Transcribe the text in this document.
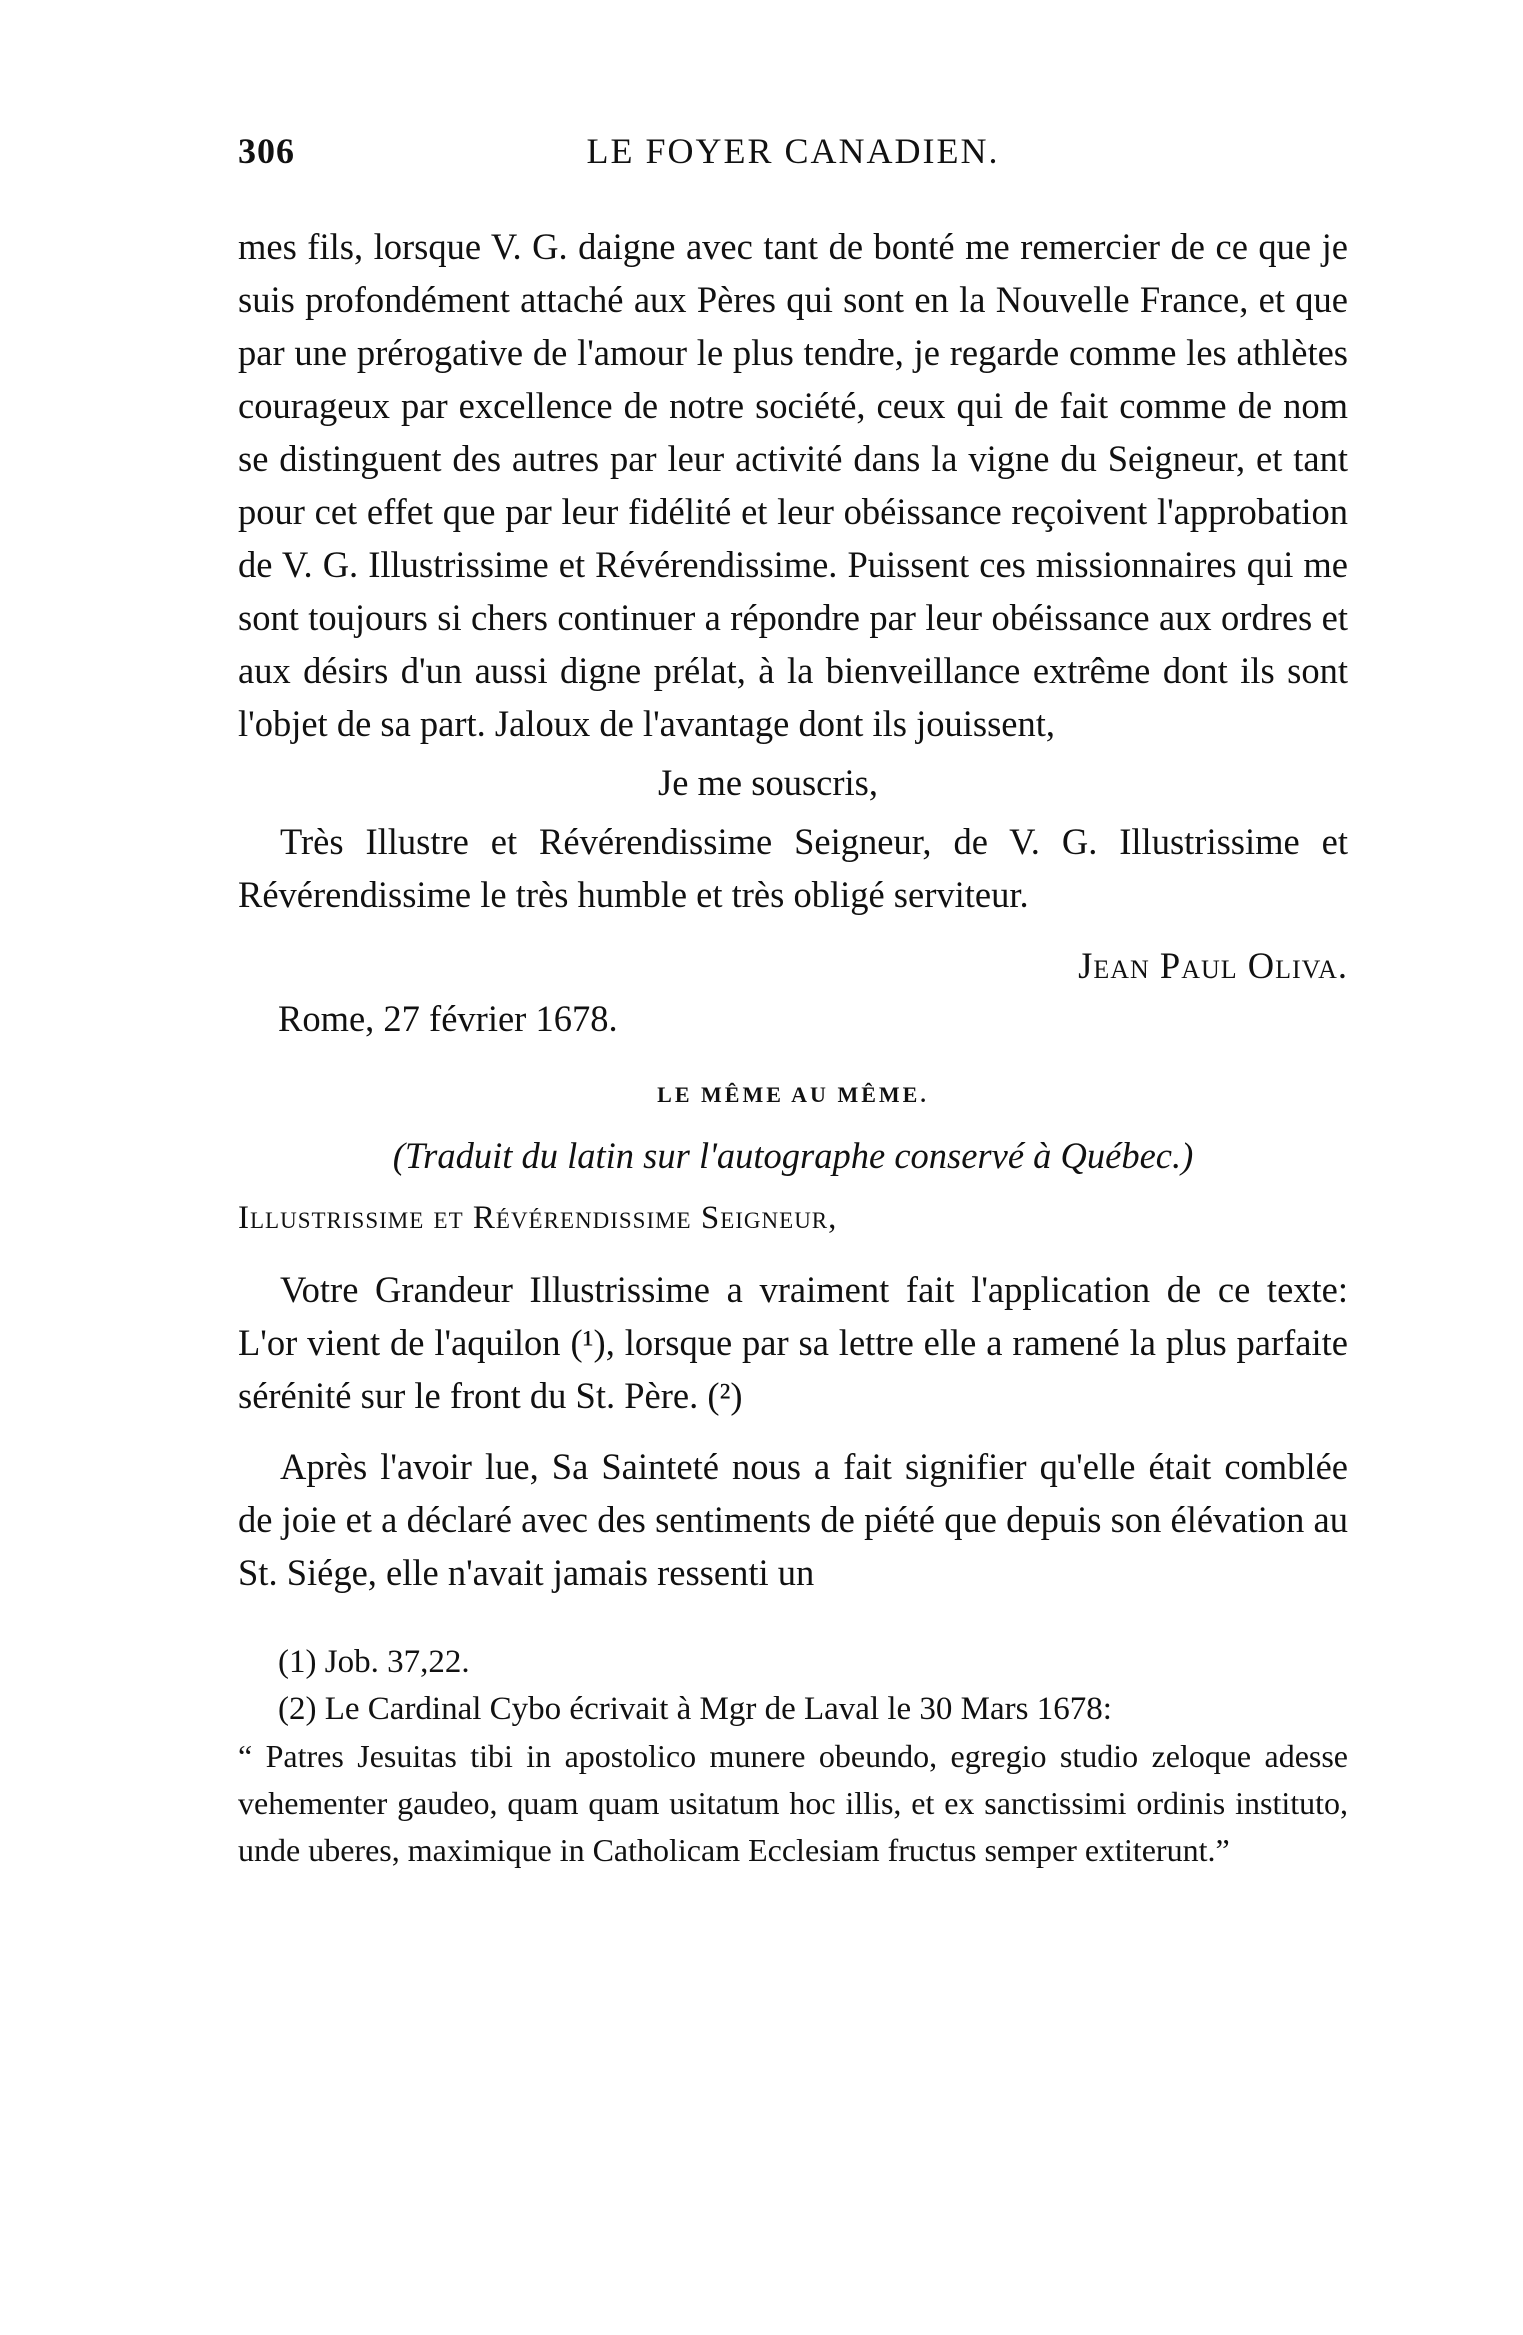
306	LE FOYER CANADIEN.

mes fils, lorsque V. G. daigne avec tant de bonté me remercier de ce que je suis profondément attaché aux Pères qui sont en la Nouvelle France, et que par une prérogative de l'amour le plus tendre, je regarde comme les athlètes courageux par excellence de notre société, ceux qui de fait comme de nom se distinguent des autres par leur activité dans la vigne du Seigneur, et tant pour cet effet que par leur fidélité et leur obéissance reçoivent l'approbation de V. G. Illustrissime et Révérendissime. Puissent ces missionnaires qui me sont toujours si chers continuer a répondre par leur obéissance aux ordres et aux désirs d'un aussi digne prélat, à la bienveillance extrême dont ils sont l'objet de sa part. Jaloux de l'avantage dont ils jouissent,

Je me souscris,

Très Illustre et Révérendissime Seigneur, de V. G. Illustrissime et Révérendissime le très humble et très obligé serviteur.

Jean Paul Oliva.

Rome, 27 février 1678.

LE MÊME AU MÊME.

(Traduit du latin sur l'autographe conservé à Québec.)

Illustrissime et Révérendissime Seigneur,

Votre Grandeur Illustrissime a vraiment fait l'application de ce texte: L'or vient de l'aquilon (¹), lorsque par sa lettre elle a ramené la plus parfaite sérénité sur le front du St. Père. (²)

Après l'avoir lue, Sa Sainteté nous a fait signifier qu'elle était comblée de joie et a déclaré avec des sentiments de piété que depuis son élévation au St. Siége, elle n'avait jamais ressenti un

(1) Job. 37,22.

(2) Le Cardinal Cybo écrivait à Mgr de Laval le 30 Mars 1678:

“ Patres Jesuitas tibi in apostolico munere obeundo, egregio studio zeloque adesse vehementer gaudeo, quam quam usitatum hoc illis, et ex sanctissimi ordinis instituto, unde uberes, maximique in Catholicam Ecclesiam fructus semper extiterunt.”
